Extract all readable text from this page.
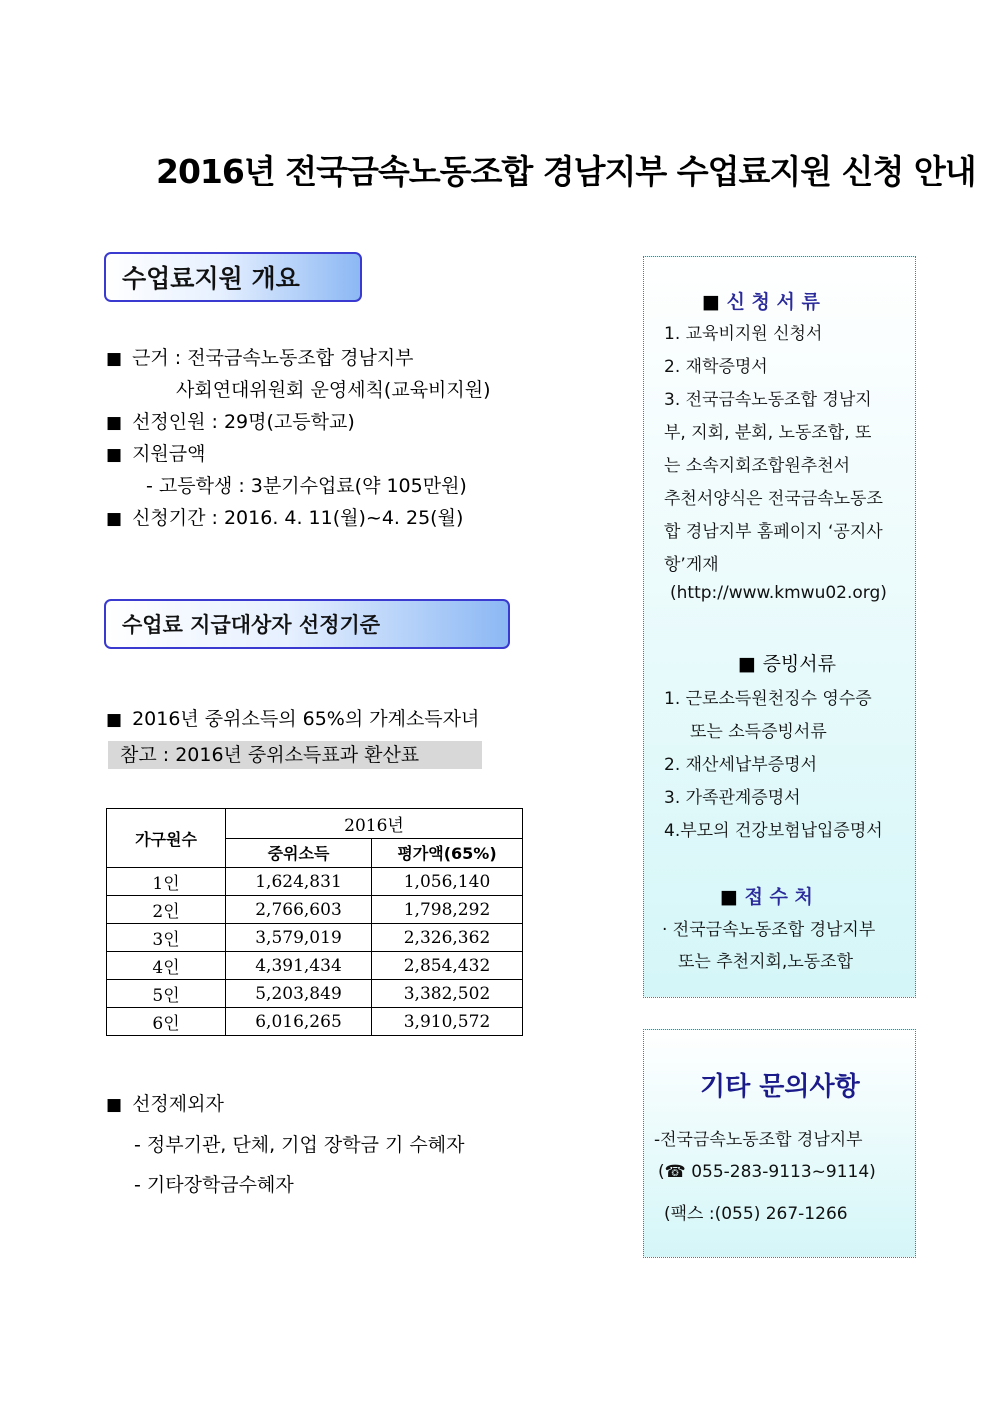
2016년 전국금속노동조합 경남지부 수업료지원 신청 안내
수업료지원 개요
■ 근거 : 전국금속노동조합 경남지부
사회연대위원회 운영세칙(교육비지원)
■ 선정인원 : 29명(고등학교)
■ 지원금액
- 고등학생 : 3분기수업료(약 105만원)
■ 신청기간 : 2016. 4. 11(월)~4. 25(월)
수업료 지급대상자 선정기준
■ 2016년 중위소득의 65%의 가계소득자녀
참고 : 2016년 중위소득표과 환산표
가구원수	2016년	
	중위소득	평가액(65%)
1인	1,624,831	1,056,140
2인	2,766,603	1,798,292
3인	3,579,019	2,326,362
4인	4,391,434	2,854,432
5인	5,203,849	3,382,502
6인	6,016,265	3,910,572
■ 선정제외자
- 정부기관, 단체, 기업 장학금 기 수혜자
- 기타장학금수혜자
■ 신 청 서 류
1. 교육비지원 신청서
2. 재학증명서
3. 전국금속노동조합 경남지
부, 지회, 분회, 노동조합, 또
는 소속지회조합원추천서
추천서양식은 전국금속노동조
합 경남지부 홈페이지 ‘공지사
항’게재
(http://www.kmwu02.org)
■ 증빙서류
1. 근로소득원천징수 영수증
또는 소득증빙서류
2. 재산세납부증명서
3. 가족관계증명서
4.부모의 건강보험납입증명서
■ 접 수 처
· 전국금속노동조합 경남지부
또는 추천지회,노동조합
기타 문의사항
-전국금속노동조합 경남지부
(☎ 055-283-9113~9114)
(팩스 :(055) 267-1266
